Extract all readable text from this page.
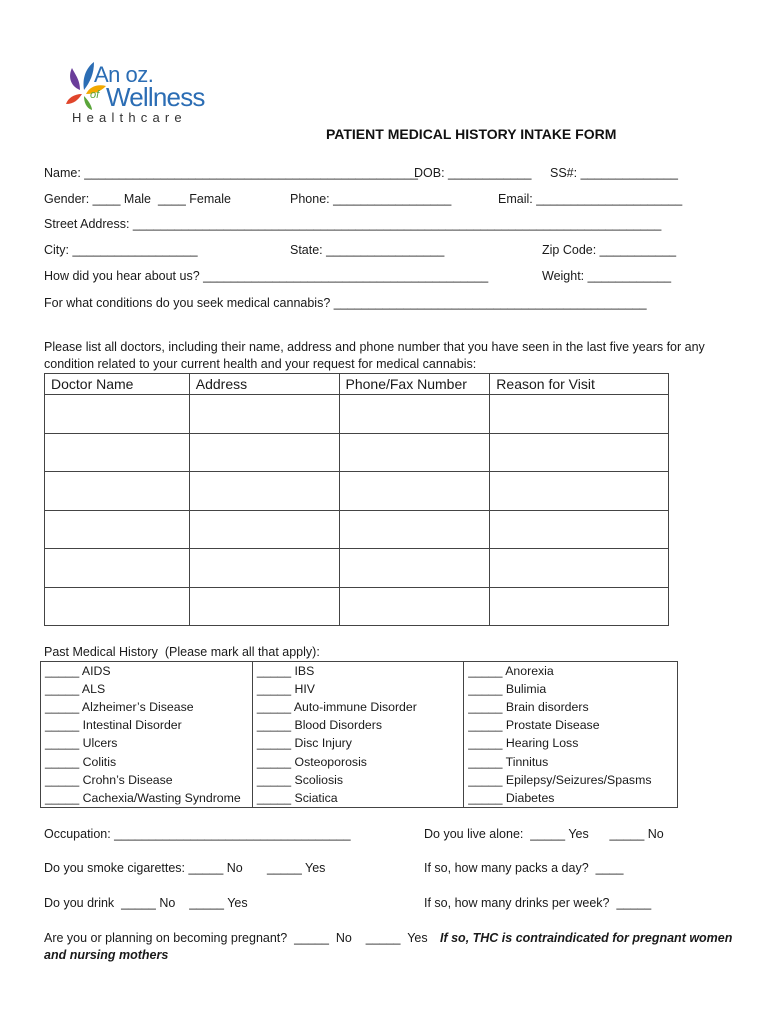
An oz.
of Wellness
Healthcare
PATIENT MEDICAL HISTORY INTAKE FORM
Name: ________________________________________________
DOB: ____________ SS#: ______________
Gender: ____ Male  ____ Female	Phone: _________________	Email: _____________________
Street Address: ____________________________________________________________________________
City: __________________	State: _________________	Zip Code: ___________
How did you hear about us? _________________________________________	Weight: ____________
For what conditions do you seek medical cannabis? _____________________________________________
Please list all doctors, including their name, address and phone number that you have seen in the last five years for any
condition related to your current health and your request for medical cannabis:
Doctor Name	Address	Phone/Fax Number	Reason for Visit

Past Medical History  (Please mark all that apply):
_____ AIDS	_____ IBS	_____ Anorexia
_____ ALS	_____ HIV	_____ Bulimia
_____ Alzheimer’s Disease	_____ Auto-immune Disorder	_____ Brain disorders
_____ Intestinal Disorder	_____ Blood Disorders	_____ Prostate Disease
_____ Ulcers	_____ Disc Injury	_____ Hearing Loss
_____ Colitis	_____ Osteoporosis	_____ Tinnitus
_____ Crohn’s Disease	_____ Scoliosis	_____ Epilepsy/Seizures/Spasms
_____ Cachexia/Wasting Syndrome	_____ Sciatica	_____ Diabetes
Occupation: __________________________________	Do you live alone:  _____ Yes      _____ No
Do you smoke cigarettes: _____ No       _____ Yes	If so, how many packs a day?  ____
Do you drink  _____ No    _____ Yes	If so, how many drinks per week?  _____
Are you or planning on becoming pregnant?  _____  No    _____  Yes If so, THC is contraindicated for pregnant women
and nursing mothers
